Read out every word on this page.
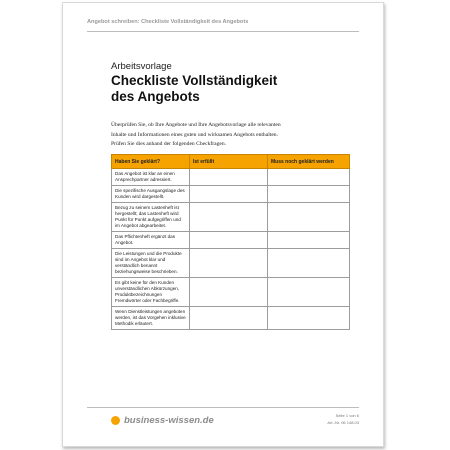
Angebot schreiben: Checkliste Vollständigkeit des Angebots
Arbeitsvorlage
Checkliste Vollständigkeit
des Angebots

Überprüfen Sie, ob Ihre Angebote und Ihre Angebotsvorlage alle relevanten

Inhalte und Informationen eines guten und wirksamen Angebots enthalten.

Prüfen Sie dies anhand der folgenden Checkfragen.

Haben Sie geklärt?	Ist erfüllt	Muss noch geklärt werden
Das Angebot ist klar an einen Ansprechpartner adressiert.		
Die spezifische Ausgangslage des Kunden wird dargestellt.		
Bezug zu seinem Lastenheft ist hergestellt; das Lastenheft wird Punkt für Punkt aufgegriffen und im Angebot abgearbeitet.		
Das Pflichtenheft ergänzt das Angebot.		
Die Leistungen und die Produkte sind im Angebot klar und verständlich benannt beziehungsweise beschrieben.		
Es gibt keine für den Kunden unverständlichen Abkürzungen, Produktbezeichnungen Fremdwörter oder Fachbegriffe.		
Wenn Dienstleistungen angeboten werden, ist das Vorgehen inklusive Methodik erläutert.		
business-wissen.de	Seite 1 von 6
Art.-Nr. 06 148.03
